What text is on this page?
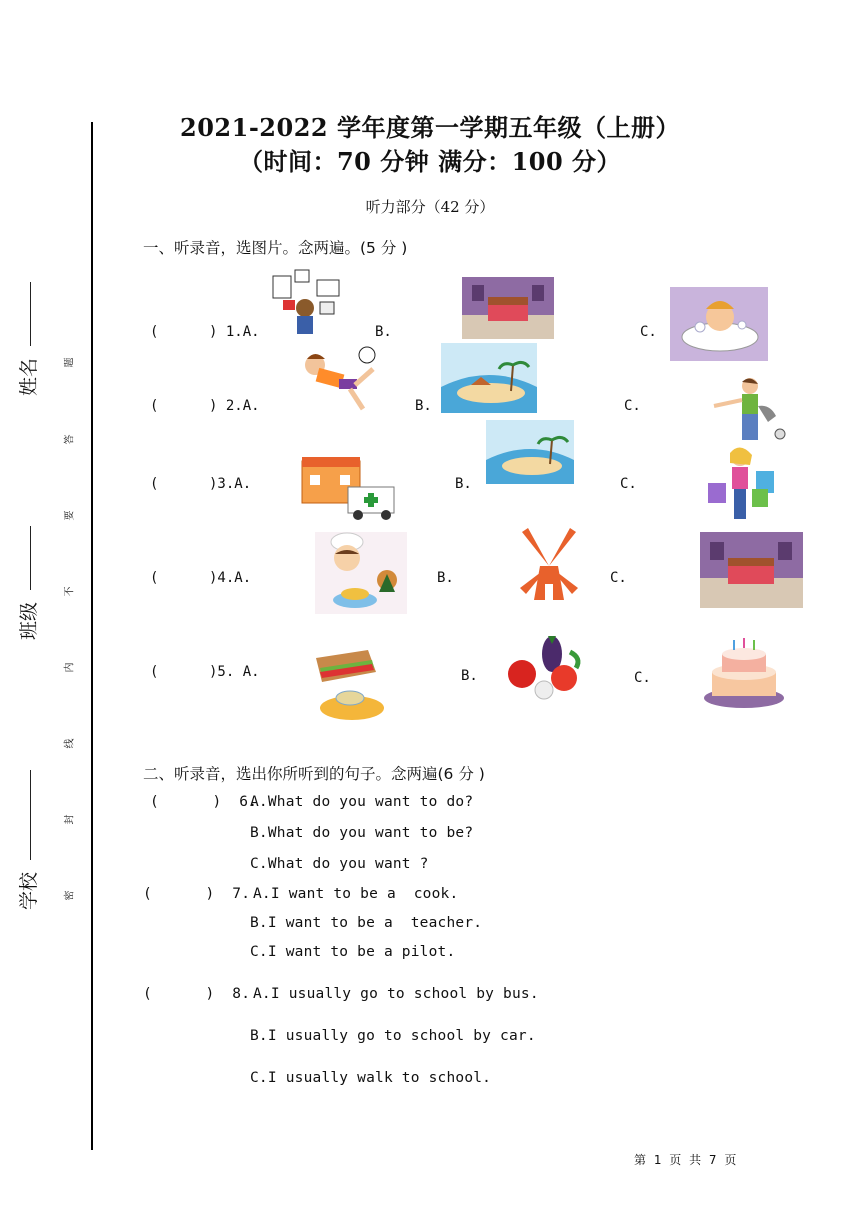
姓名
班级
学校
题
答
要
不
内
线
封
密
2021-2022 学年度第一学期五年级（上册）
（时间：70 分钟 满分：100 分）
听力部分（42 分）
一、听录音，选图片。念两遍。(5 分 )
(      ) 1.A.	B.	C.
(      ) 2.A.	B.	C.
(      )3.A.	B.	C.
(      )4.A.	B.	C.
(      )5. A.	B.	C.
二、听录音，选出你所听到的句子。念两遍(6 分 )
(      )  6.
A.What do you want to do?
B.What do you want to be?
C.What do you want ?
(      )  7. A.I want to be a  cook.
B.I want to be a  teacher.
C.I want to be a pilot.
(      )  8. A.I usually go to school by bus.
B.I usually go to school by car.
C.I usually walk to school.
第 1 页 共 7 页
